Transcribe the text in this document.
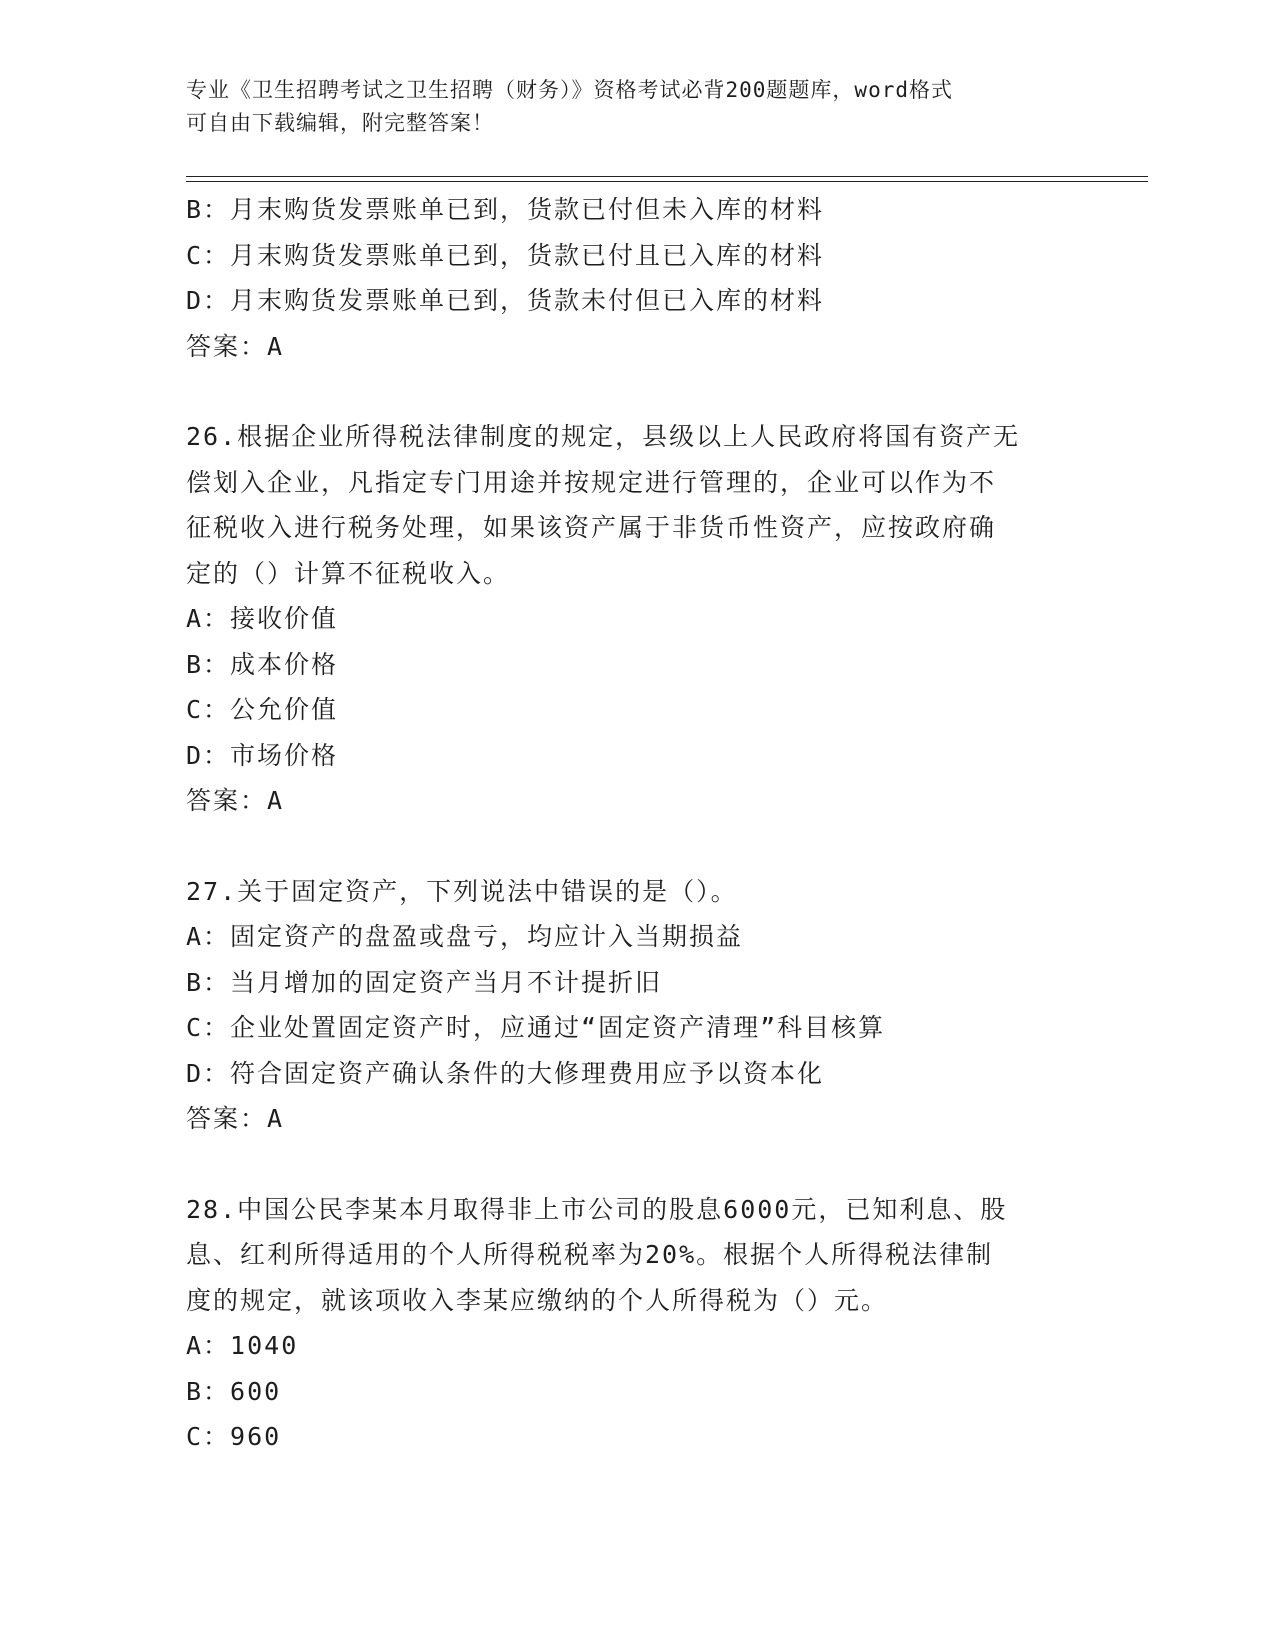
专业《卫生招聘考试之卫生招聘（财务）》资格考试必背200题题库，word格式
可自由下载编辑，附完整答案！
B：月末购货发票账单已到，货款已付但未入库的材料
C：月末购货发票账单已到，货款已付且已入库的材料
D：月末购货发票账单已到，货款未付但已入库的材料
答案：A
26.根据企业所得税法律制度的规定，县级以上人民政府将国有资产无
偿划入企业，凡指定专门用途并按规定进行管理的，企业可以作为不
征税收入进行税务处理，如果该资产属于非货币性资产，应按政府确
定的（）计算不征税收入。
A：接收价值
B：成本价格
C：公允价值
D：市场价格
答案：A
27.关于固定资产，下列说法中错误的是（）。
A：固定资产的盘盈或盘亏，均应计入当期损益
B：当月增加的固定资产当月不计提折旧
C：企业处置固定资产时，应通过“固定资产清理”科目核算
D：符合固定资产确认条件的大修理费用应予以资本化
答案：A
28.中国公民李某本月取得非上市公司的股息6000元，已知利息、股
息、红利所得适用的个人所得税税率为20%。根据个人所得税法律制
度的规定，就该项收入李某应缴纳的个人所得税为（）元。
A：1040
B：600
C：960
